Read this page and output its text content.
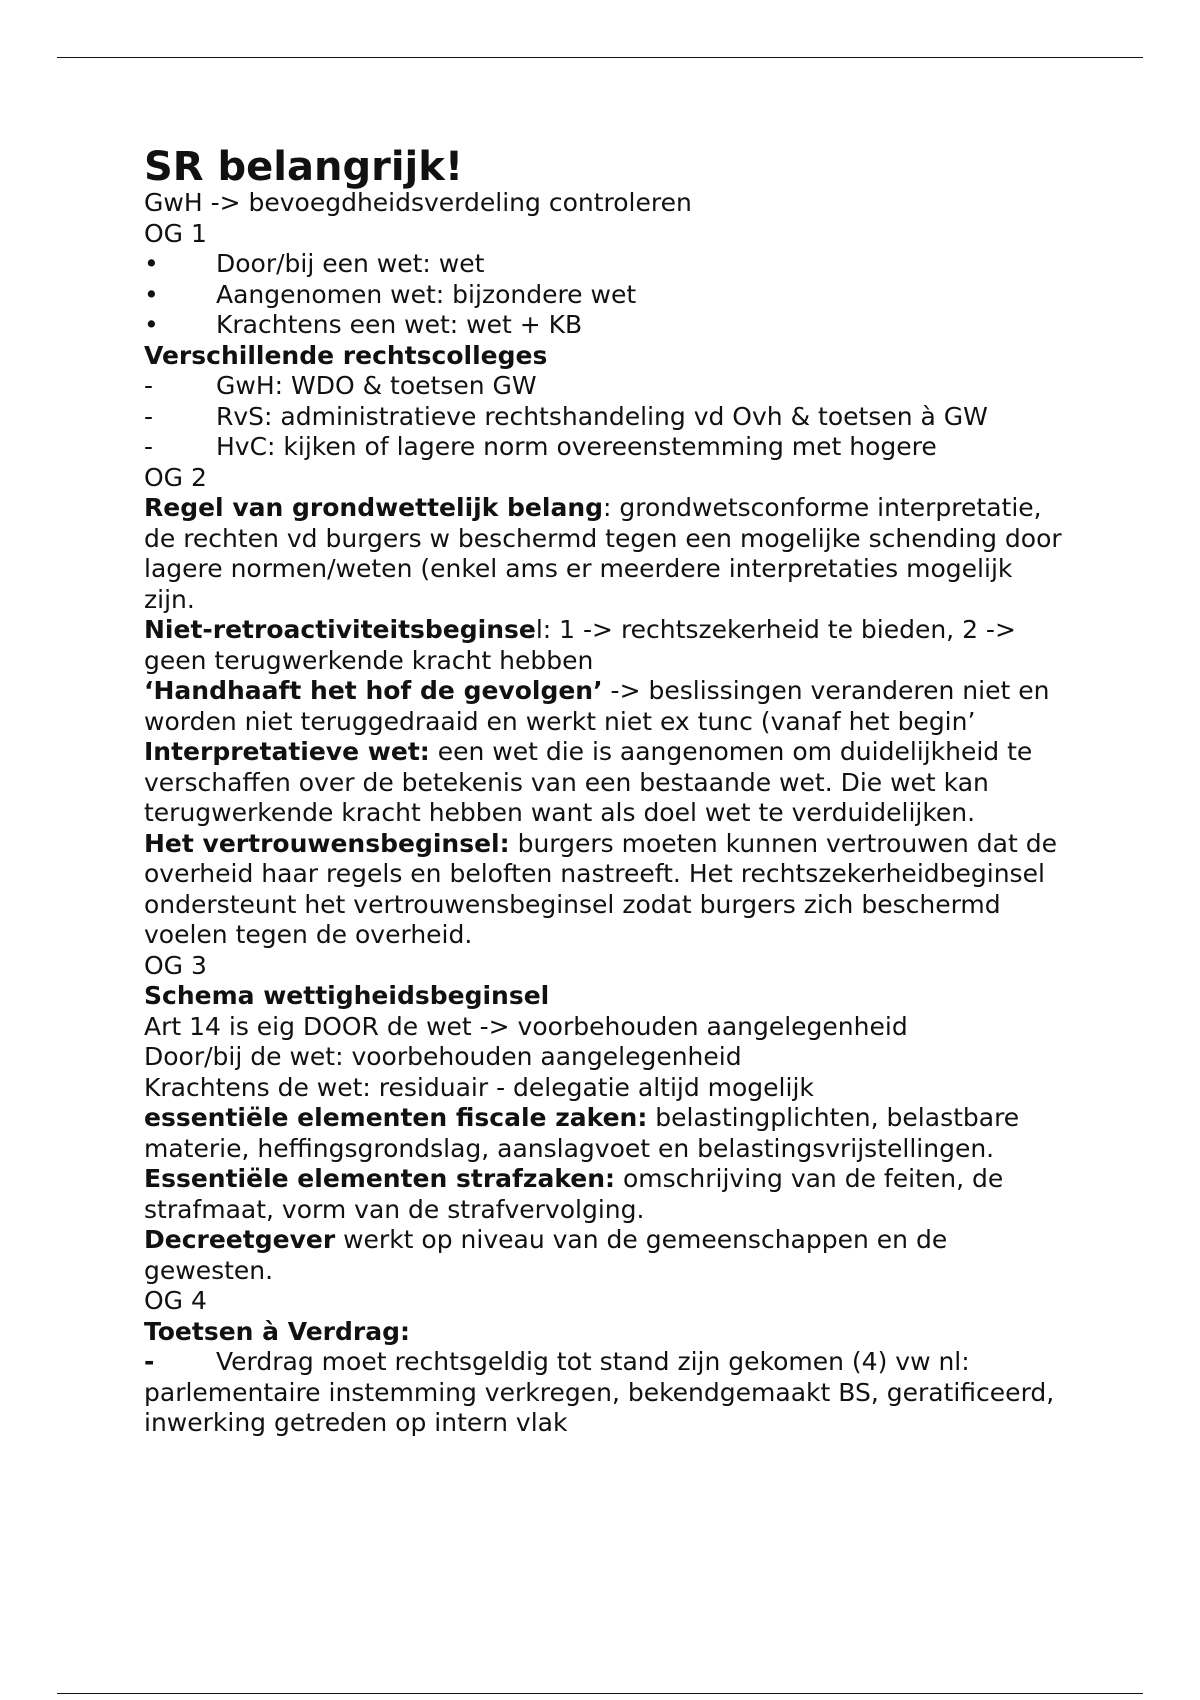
SR belangrijk!

GwH -> bevoegdheidsverdeling controleren

OG 1

• Door/bij een wet: wet
• Aangenomen wet: bijzondere wet
• Krachtens een wet: wet + KB

Verschillende rechtscolleges

-	GwH: WDO & toetsen GW
-	RvS: administratieve rechtshandeling vd Ovh & toetsen à GW
-	HvC: kijken of lagere norm overeenstemming met hogere

OG 2

Regel van grondwettelijk belang: grondwetsconforme interpretatie, de rechten vd burgers w beschermd tegen een mogelijke schending door lagere normen/weten (enkel ams er meerdere interpretaties mogelijk zijn.

Niet-retroactiviteitsbeginsel: 1 -> rechtszekerheid te bieden, 2 -> geen terugwerkende kracht hebben

‘Handhaaft het hof de gevolgen’ -> beslissingen veranderen niet en worden niet teruggedraaid en werkt niet ex tunc (vanaf het begin’

Interpretatieve wet: een wet die is aangenomen om duidelijkheid te verschaffen over de betekenis van een bestaande wet. Die wet kan terugwerkende kracht hebben want als doel wet te verduidelijken.

Het vertrouwensbeginsel: burgers moeten kunnen vertrouwen dat de overheid haar regels en beloften nastreeft. Het rechtszekerheidbeginsel ondersteunt het vertrouwensbeginsel zodat burgers zich beschermd voelen tegen de overheid.

OG 3

Schema wettigheidsbeginsel

Art 14 is eig DOOR de wet -> voorbehouden aangelegenheid

Door/bij de wet: voorbehouden aangelegenheid

Krachtens de wet: residuair - delegatie altijd mogelijk

essentiële elementen fiscale zaken: belastingplichten, belastbare materie, heffingsgrondslag, aanslagvoet en belastingsvrijstellingen.

Essentiële elementen strafzaken: omschrijving van de feiten, de strafmaat, vorm van de strafvervolging.

Decreetgever werkt op niveau van de gemeenschappen en de gewesten.

OG 4

Toetsen à Verdrag:

- Verdrag moet rechtsgeldig tot stand zijn gekomen (4) vw nl: parlementaire instemming verkregen, bekendgemaakt BS, geratificeerd, inwerking getreden op intern vlak
